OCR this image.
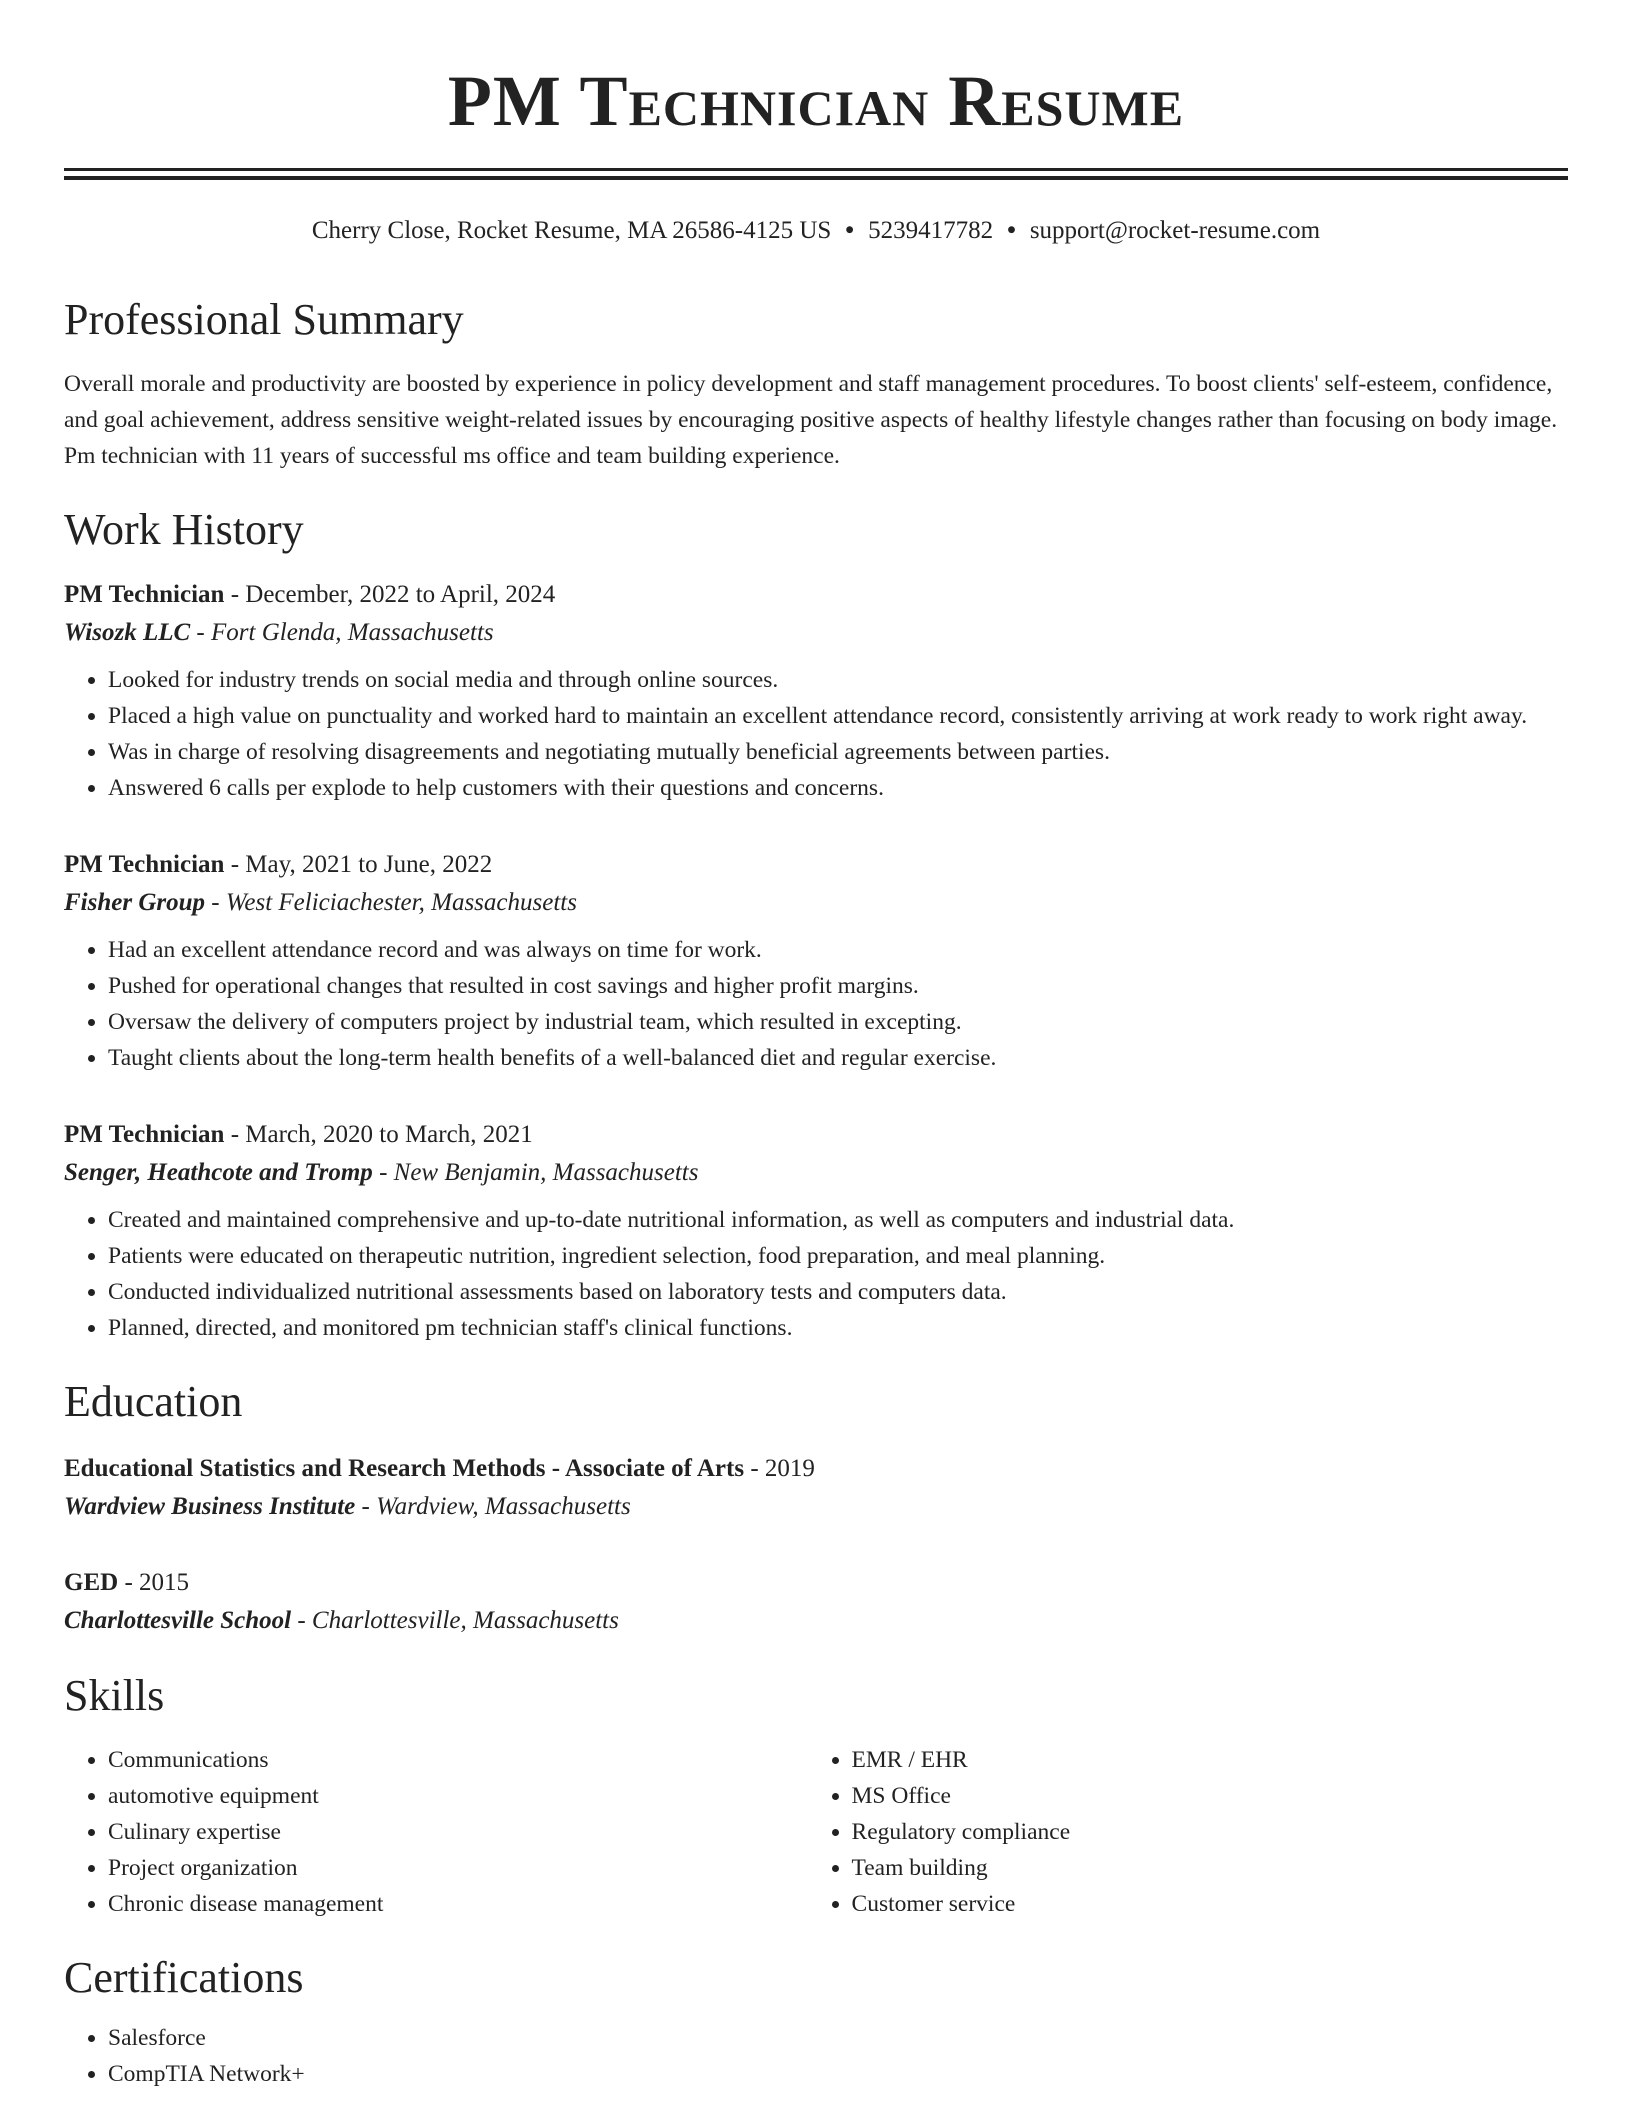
PM Technician Resume
Cherry Close, Rocket Resume, MA 26586-4125 US • 5239417782 • support@rocket-resume.com
Professional Summary

Overall morale and productivity are boosted by experience in policy development and staff management procedures. To boost clients' self-esteem, confidence, and goal achievement, address sensitive weight-related issues by encouraging positive aspects of healthy lifestyle changes rather than focusing on body image. Pm technician with 11 years of successful ms office and team building experience.

Work History

PM Technician - December, 2022 to April, 2024

Wisozk LLC - Fort Glenda, Massachusetts

• Looked for industry trends on social media and through online sources.
• Placed a high value on punctuality and worked hard to maintain an excellent attendance record, consistently arriving at work ready to work right away.
• Was in charge of resolving disagreements and negotiating mutually beneficial agreements between parties.
• Answered 6 calls per explode to help customers with their questions and concerns.

PM Technician - May, 2021 to June, 2022

Fisher Group - West Feliciachester, Massachusetts

• Had an excellent attendance record and was always on time for work.
• Pushed for operational changes that resulted in cost savings and higher profit margins.
• Oversaw the delivery of computers project by industrial team, which resulted in excepting.
• Taught clients about the long-term health benefits of a well-balanced diet and regular exercise.

PM Technician - March, 2020 to March, 2021

Senger, Heathcote and Tromp - New Benjamin, Massachusetts

• Created and maintained comprehensive and up-to-date nutritional information, as well as computers and industrial data.
• Patients were educated on therapeutic nutrition, ingredient selection, food preparation, and meal planning.
• Conducted individualized nutritional assessments based on laboratory tests and computers data.
• Planned, directed, and monitored pm technician staff's clinical functions.
Education

Educational Statistics and Research Methods - Associate of Arts - 2019

Wardview Business Institute - Wardview, Massachusetts

GED - 2015

Charlottesville School - Charlottesville, Massachusetts

Skills
• Communications
• automotive equipment
• Culinary expertise
• Project organization
• Chronic disease management
• EMR / EHR
• MS Office
• Regulatory compliance
• Team building
• Customer service
Certifications
• Salesforce
• CompTIA Network+
